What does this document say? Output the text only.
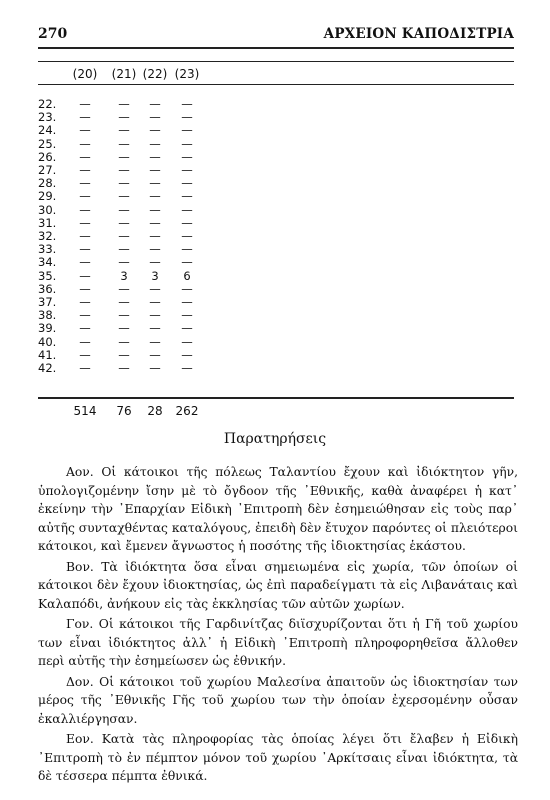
270	ΑΡΧΕΙΟΝ ΚΑΠΟΔΙΣΤΡΙΑ
(20) (21) (22) (23)
22. — — — —
23. — — — —
24. — — — —
25. — — — —
26. — — — —
27. — — — —
28. — — — —
29. — — — —
30. — — — —
31. — — — —
32. — — — —
33. — — — —
34. — — — —
35. —	3 3 6
36. — — — —
37. — — — —
38. — — — —
39. — — — —
40. — — — —
41. — — — —
42. — — — —
514 76 28 262
Παρατηρήσεις

Αον. Οἱ κάτοικοι τῆς πόλεως Ταλαντίου ἔχουν καὶ ἰδιόκτητον γῆν, ὑπολογιζομένην ἴσην μὲ τὸ ὄγδοον τῆς ᾿Εθνικῆς, καθὰ ἀναφέρει ἡ κατ᾿ ἐκείνην τὴν ᾿Επαρχίαν Εἰδικὴ ᾿Επιτροπὴ δὲν ἐσημειώθησαν εἰς τοὺς παρ᾿ αὐτῆς συνταχθέντας καταλόγους, ἐπειδὴ δὲν ἔτυχον παρόντες οἱ πλειότεροι κάτοικοι, καὶ ἔμενεν ἄγνωστος ἡ ποσότης τῆς ἰδιοκτησίας ἑκάστου.

Βον. Τὰ ἰδιόκτητα ὅσα εἶναι σημειωμένα εἰς χωρία, τῶν ὁποίων οἱ κάτοικοι δὲν ἔχουν ἰδιοκτησίας, ὡς ἐπὶ παραδείγματι τὰ εἰς Λιβανάταις καὶ Καλαπόδι, ἀνήκουν εἰς τὰς ἐκκλησίας τῶν αὐτῶν χωρίων.

Γον. Οἱ κάτοικοι τῆς Γαρδινίτζας διϊσχυρίζονται ὅτι ἡ Γῆ τοῦ χωρίου των εἶναι ἰδιόκτητος ἀλλ᾿ ἡ Εἰδικὴ ᾿Επιτροπὴ πληροφορηθεῖσα ἄλλοθεν περὶ αὐτῆς τὴν ἐσημείωσεν ὡς ἐθνικήν.

Δον. Οἱ κάτοικοι τοῦ χωρίου Μαλεσίνα ἀπαιτοῦν ὡς ἰδιοκτησίαν των μέρος τῆς ᾿Εθνικῆς Γῆς τοῦ χωρίου των τὴν ὁποίαν ἐχερσομένην οὖσαν ἐκαλλιέργησαν.

Εον. Κατὰ τὰς πληροφορίας τὰς ὁποίας λέγει ὅτι ἔλαβεν ἡ Εἰδικὴ ᾿Επιτροπὴ τὸ ἐν πέμπτον μόνον τοῦ χωρίου ᾿Αρκίτσαις εἶναι ἰδιόκτητα, τὰ δὲ τέσσερα πέμπτα ἐθνικά.
